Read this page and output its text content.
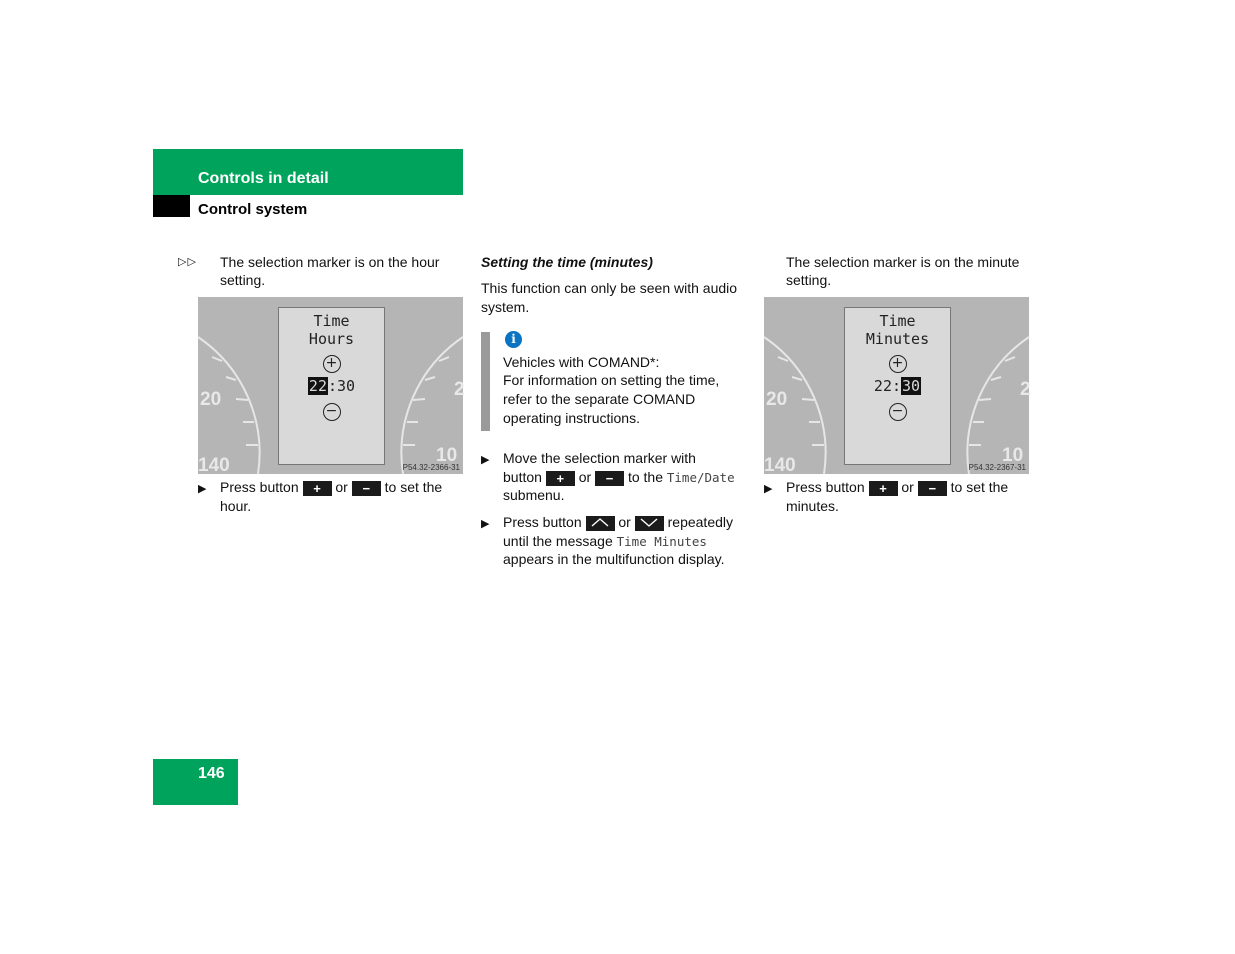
Controls in detail
Control system
▷▷ The selection marker is on the hour
setting.
20
140
2
10
Time
Hours
+
22:30
−
P54.32-2366-31
▶ Press button + or − to set the
hour.
Setting the time (minutes)
This function can only be seen with audio
system.
i
Vehicles with COMAND*:
For information on setting the time,
refer to the separate COMAND
operating instructions.
▶ Move the selection marker with
button + or − to the Time/Date
submenu.
▶ Press button	or	repeatedly
until the message Time Minutes
appears in the multifunction display.
The selection marker is on the minute
setting.
20
140
2
10
Time
Minutes
+
22:30
−
P54.32-2367-31
▶ Press button + or − to set the
minutes.
146
